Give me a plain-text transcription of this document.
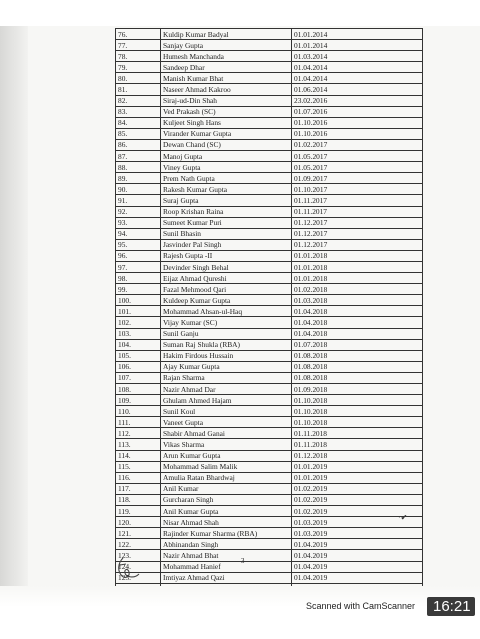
76.	Kuldip Kumar Badyal	01.01.2014
77.	Sanjay Gupta	01.01.2014
78.	Humesh Manchanda	01.03.2014
79.	Sandeep Dhar	01.04.2014
80.	Manish Kumar Bhat	01.04.2014
81.	Naseer Ahmad Kakroo	01.06.2014
82.	Siraj-ud-Din Shah	23.02.2016
83.	Ved Prakash (SC)	01.07.2016
84.	Kuljeet Singh Hans	01.10.2016
85.	Virander Kumar Gupta	01.10.2016
86.	Dewan Chand (SC)	01.02.2017
87.	Manoj Gupta	01.05.2017
88.	Viney Gupta	01.05.2017
89.	Prem Nath Gupta	01.09.2017
90.	Rakesh Kumar Gupta	01.10.2017
91.	Suraj Gupta	01.11.2017
92.	Roop Krishan Raina	01.11.2017
93.	Sumeet Kumar Puri	01.12.2017
94.	Sunil Bhasin	01.12.2017
95.	Jasvinder Pal Singh	01.12.2017
96.	Rajesh Gupta -II	01.01.2018
97.	Devinder Singh Behal	01.01.2018
98.	Eijaz Ahmad Qureshi	01.01.2018
99.	Fazal Mehmood Qari	01.02.2018
100.	Kuldeep Kumar Gupta	01.03.2018
101.	Mohammad Ahsan-ul-Haq	01.04.2018
102.	Vijay Kumar (SC)	01.04.2018
103.	Sunil Ganju	01.04.2018
104.	Suman Raj Shukla (RBA)	01.07.2018
105.	Hakim Firdous Hussain	01.08.2018
106.	Ajay Kumar Gupta	01.08.2018
107.	Rajan Sharma	01.08.2018
108.	Nazir Ahmad Dar	01.09.2018
109.	Ghulam Ahmed Hajam	01.10.2018
110.	Sunil Koul	01.10.2018
111.	Vaneet Gupta	01.10.2018
112.	Shabir Ahmad Ganai	01.11.2018
113.	Vikas Sharma	01.11.2018
114.	Arun Kumar Gupta	01.12.2018
115.	Mohammad Salim Malik	01.01.2019
116.	Amulia Ratan Bhardwaj	01.01.2019
117.	Anil Kumar	01.02.2019
118.	Gurcharan Singh	01.02.2019
119.	Anil Kumar Gupta	01.02.2019
120.	Nisar Ahmad Shah	01.03.2019
121.	Rajinder Kumar Sharma (RBA)	01.03.2019
122.	Abhinandan Singh	01.04.2019
123.	Nazir Ahmad Bhat	01.04.2019
124.	Mohammad Hanief	01.04.2019
125.	Imtiyaz Ahmad Qazi	01.04.2019

·✔
3
Scanned with CamScanner	16:21
